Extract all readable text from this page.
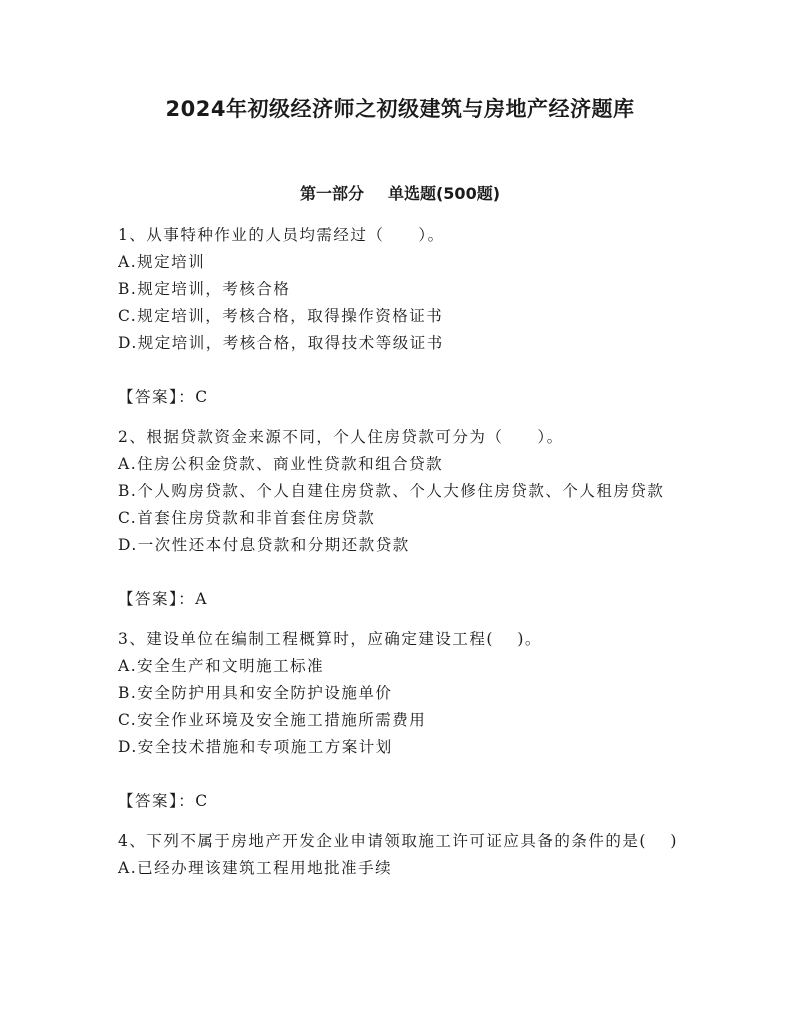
2024年初级经济师之初级建筑与房地产经济题库
第一部分 单选题(500题)
1、从事特种作业的人员均需经过（　　）。
A.规定培训
B.规定培训，考核合格
C.规定培训，考核合格，取得操作资格证书
D.规定培训，考核合格，取得技术等级证书
【答案】：C
2、根据贷款资金来源不同，个人住房贷款可分为（　　）。
A.住房公积金贷款、商业性贷款和组合贷款
B.个人购房贷款、个人自建住房贷款、个人大修住房贷款、个人租房贷款
C.首套住房贷款和非首套住房贷款
D.一次性还本付息贷款和分期还款贷款
【答案】：A
3、建设单位在编制工程概算时，应确定建设工程(　 )。
A.安全生产和文明施工标准
B.安全防护用具和安全防护设施单价
C.安全作业环境及安全施工措施所需费用
D.安全技术措施和专项施工方案计划
【答案】：C
4、下列不属于房地产开发企业申请领取施工许可证应具备的条件的是(　 )
A.已经办理该建筑工程用地批准手续
